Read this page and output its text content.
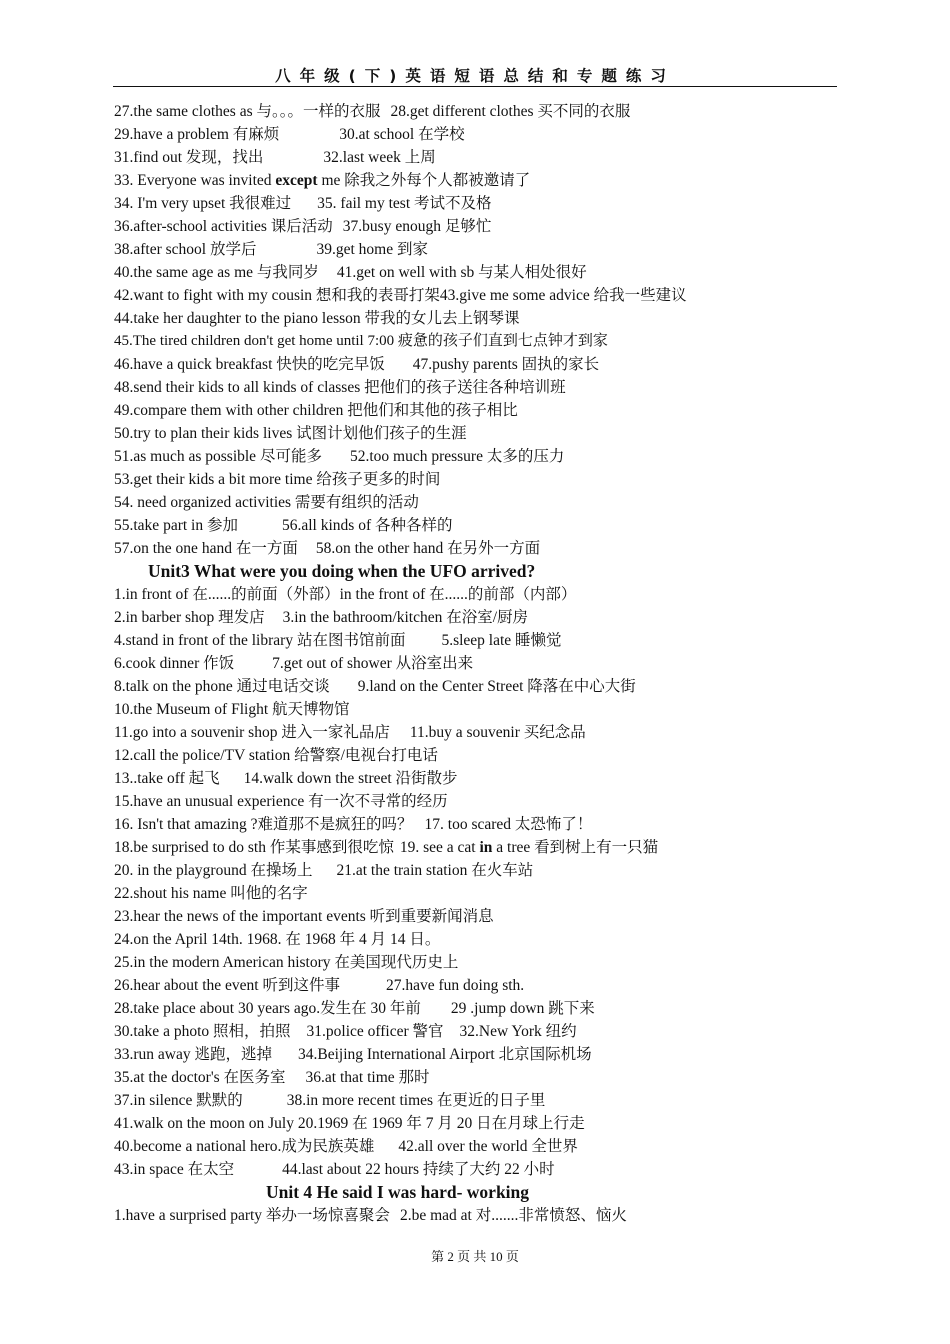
八年级(下)英语短语总结和专题练习
27.the same clothes as 与。。。一样的衣服 28.get different clothes 买不同的衣服
29.have a problem 有麻烦	30.at school 在学校
31.find out 发现，找出	32.last week 上周
33. Everyone was invited except me 除我之外每个人都被邀请了
34. I'm very upset 我很难过 35. fail my test 考试不及格
36.after-school activities 课后活动 37.busy enough 足够忙
38.after school 放学后	39.get home 到家
40.the same age as me 与我同岁 41.get on well with sb 与某人相处很好
42.want to fight with my cousin 想和我的表哥打架43.give me some advice 给我一些建议
44.take her daughter to the piano lesson 带我的女儿去上钢琴课
45.The tired children don't get home until 7:00 疲惫的孩子们直到七点钟才到家
46.have a quick breakfast 快快的吃完早饭 47.pushy parents 固执的家长
48.send their kids to all kinds of classes 把他们的孩子送往各种培训班
49.compare them with other children 把他们和其他的孩子相比
50.try to plan their kids lives 试图计划他们孩子的生涯
51.as much as possible 尽可能多 52.too much pressure 太多的压力
53.get their kids a bit more time 给孩子更多的时间
54. need organized activities 需要有组织的活动
55.take part in 参加	56.all kinds of 各种各样的
57.on the one hand 在一方面 58.on the other hand 在另外一方面
Unit3 What were you doing when the UFO arrived?
1.in front of 在......的前面（外部）in the front of 在......的前部（内部）
2.in barber shop 理发店 3.in the bathroom/kitchen 在浴室/厨房
4.stand in front of the library 站在图书馆前面 5.sleep late 睡懒觉
6.cook dinner 作饭 7.get out of shower 从浴室出来
8.talk on the phone 通过电话交谈 9.land on the Center Street 降落在中心大街
10.the Museum of Flight 航天博物馆
11.go into a souvenir shop 进入一家礼品店 11.buy a souvenir 买纪念品
12.call the police/TV station 给警察/电视台打电话
13..take off 起飞 14.walk down the street 沿街散步
15.have an unusual experience 有一次不寻常的经历
16. Isn't that amazing ?难道那不是疯狂的吗？ 17. too scared 太恐怖了！
18.be surprised to do sth 作某事感到很吃惊 19. see a cat in a tree 看到树上有一只猫
20. in the playground 在操场上 21.at the train station 在火车站
22.shout his name 叫他的名字
23.hear the news of the important events 听到重要新闻消息
24.on the April 14th. 1968. 在 1968 年 4 月 14 日。
25.in the modern American history 在美国现代历史上
26.hear about the event 听到这件事	27.have fun doing sth.
28.take place about 30 years ago.发生在 30 年前 29 .jump down 跳下来
30.take a photo 照相，拍照 31.police officer 警官 32.New York 纽约
33.run away 逃跑，逃掉 34.Beijing International Airport 北京国际机场
35.at the doctor's 在医务室 36.at that time 那时
37.in silence 默默的	38.in more recent times 在更近的日子里
41.walk on the moon on July 20.1969 在 1969 年 7 月 20 日在月球上行走
40.become a national hero.成为民族英雄 42.all over the world 全世界
43.in space 在太空	44.last about 22 hours 持续了大约 22 小时
Unit 4 He said I was hard- working
1.have a surprised party 举办一场惊喜聚会 2.be mad at 对.......非常愤怒、恼火
第 2 页 共 10 页
